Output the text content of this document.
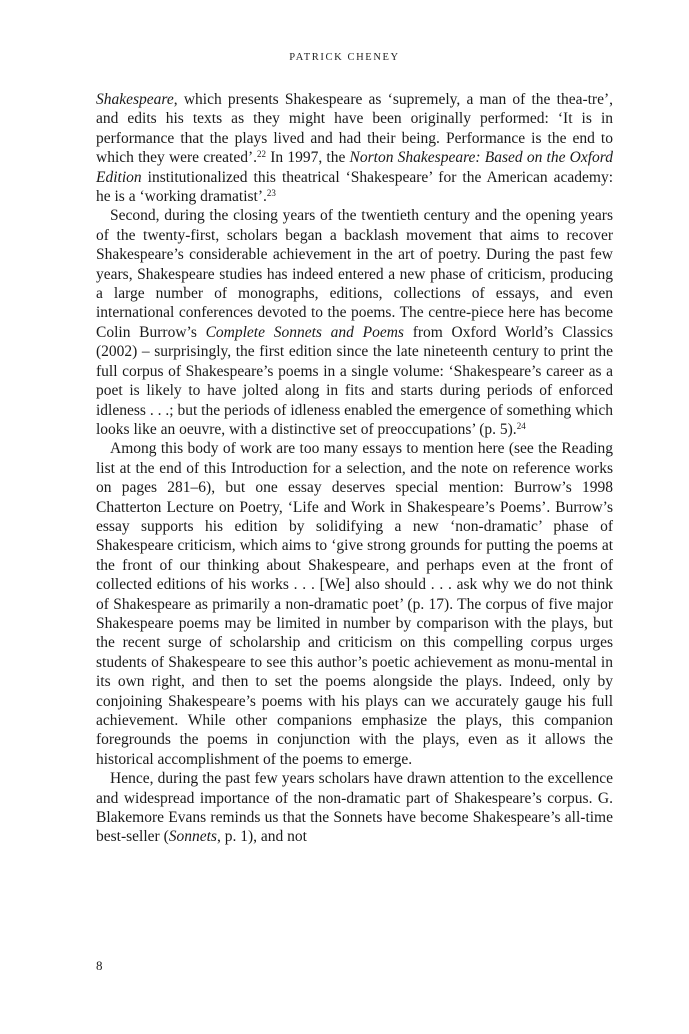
PATRICK CHENEY

Shakespeare, which presents Shakespeare as ‘supremely, a man of the thea-tre’, and edits his texts as they might have been originally performed: ‘It is in performance that the plays lived and had their being. Performance is the end to which they were created’.$^{22}$ In 1997, the Norton Shakespeare: Based on the Oxford Edition institutionalized this theatrical ‘Shakespeare’ for the American academy: he is a ‘working dramatist’.$^{23}$

Second, during the closing years of the twentieth century and the opening years of the twenty-first, scholars began a backlash movement that aims to recover Shakespeare’s considerable achievement in the art of poetry. During the past few years, Shakespeare studies has indeed entered a new phase of criticism, producing a large number of monographs, editions, collections of essays, and even international conferences devoted to the poems. The centre-piece here has become Colin Burrow’s Complete Sonnets and Poems from Oxford World’s Classics (2002) – surprisingly, the first edition since the late nineteenth century to print the full corpus of Shakespeare’s poems in a single volume: ‘Shakespeare’s career as a poet is likely to have jolted along in fits and starts during periods of enforced idleness . . .; but the periods of idleness enabled the emergence of something which looks like an oeuvre, with a distinctive set of preoccupations’ (p. 5).$^{24}$

Among this body of work are too many essays to mention here (see the Reading list at the end of this Introduction for a selection, and the note on reference works on pages 281–6), but one essay deserves special mention: Burrow’s 1998 Chatterton Lecture on Poetry, ‘Life and Work in Shakespeare’s Poems’. Burrow’s essay supports his edition by solidifying a new ‘non-dramatic’ phase of Shakespeare criticism, which aims to ‘give strong grounds for putting the poems at the front of our thinking about Shakespeare, and perhaps even at the front of collected editions of his works . . . [We] also should . . . ask why we do not think of Shakespeare as primarily a non-dramatic poet’ (p. 17). The corpus of five major Shakespeare poems may be limited in number by comparison with the plays, but the recent surge of scholarship and criticism on this compelling corpus urges students of Shakespeare to see this author’s poetic achievement as monu-mental in its own right, and then to set the poems alongside the plays. Indeed, only by conjoining Shakespeare’s poems with his plays can we accurately gauge his full achievement. While other companions emphasize the plays, this companion foregrounds the poems in conjunction with the plays, even as it allows the historical accomplishment of the poems to emerge.

Hence, during the past few years scholars have drawn attention to the excellence and widespread importance of the non-dramatic part of Shakespeare’s corpus. G. Blakemore Evans reminds us that the Sonnets have become Shakespeare’s all-time best-seller (Sonnets, p. 1), and not

8
